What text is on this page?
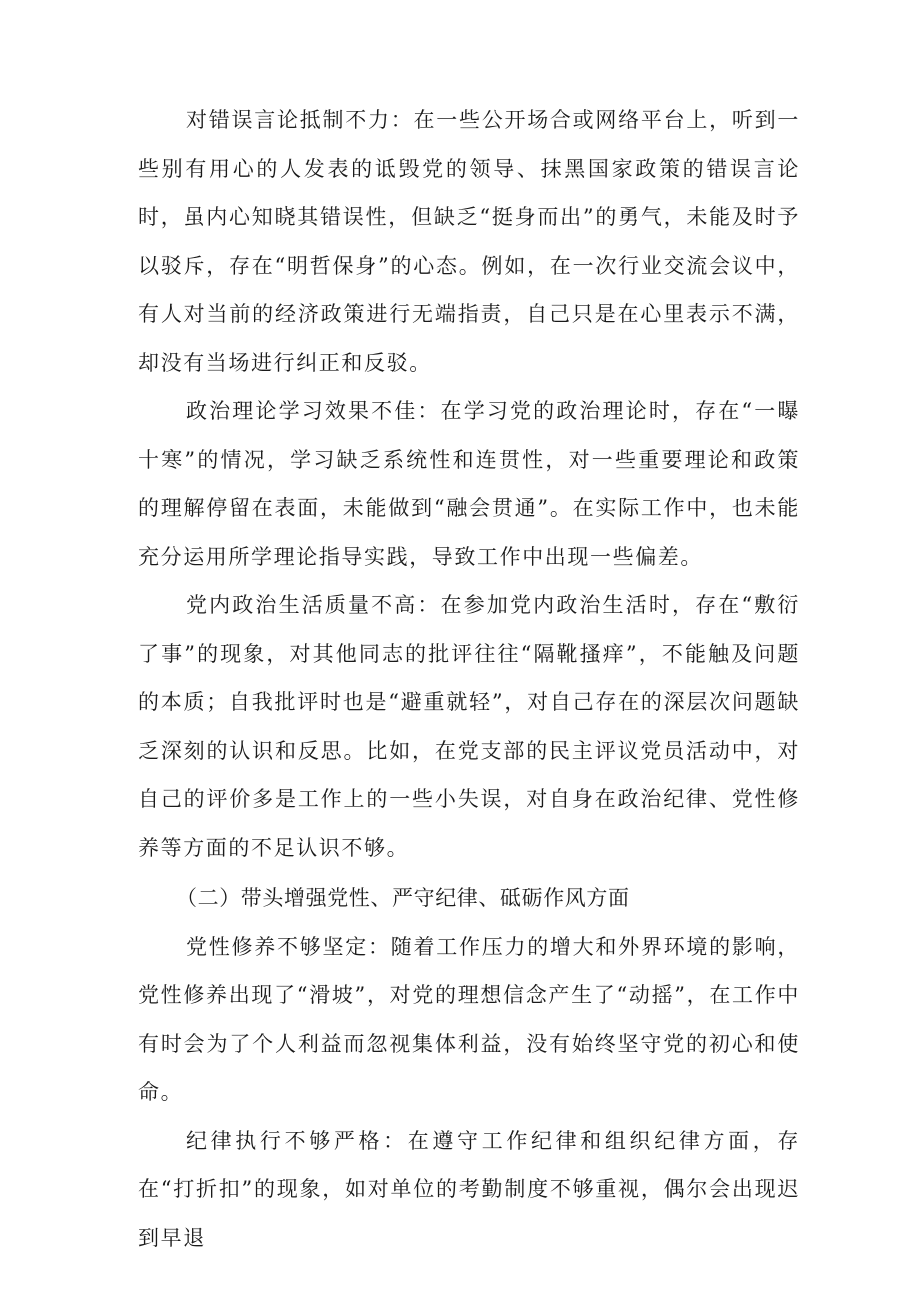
对错误言论抵制不力：在一些公开场合或网络平台上，听到一些别有用心的人发表的诋毁党的领导、抹黑国家政策的错误言论时，虽内心知晓其错误性，但缺乏“挺身而出”的勇气，未能及时予以驳斥，存在“明哲保身”的心态。例如，在一次行业交流会议中，有人对当前的经济政策进行无端指责，自己只是在心里表示不满，却没有当场进行纠正和反驳。

政治理论学习效果不佳：在学习党的政治理论时，存在“一曝十寒”的情况，学习缺乏系统性和连贯性，对一些重要理论和政策的理解停留在表面，未能做到“融会贯通”。在实际工作中，也未能充分运用所学理论指导实践，导致工作中出现一些偏差。

党内政治生活质量不高：在参加党内政治生活时，存在“敷衍了事”的现象，对其他同志的批评往往“隔靴搔痒”，不能触及问题的本质；自我批评时也是“避重就轻”，对自己存在的深层次问题缺乏深刻的认识和反思。比如，在党支部的民主评议党员活动中，对自己的评价多是工作上的一些小失误，对自身在政治纪律、党性修养等方面的不足认识不够。

（二）带头增强党性、严守纪律、砥砺作风方面

党性修养不够坚定：随着工作压力的增大和外界环境的影响，党性修养出现了“滑坡”，对党的理想信念产生了“动摇”，在工作中有时会为了个人利益而忽视集体利益，没有始终坚守党的初心和使命。

纪律执行不够严格：在遵守工作纪律和组织纪律方面，存在“打折扣”的现象，如对单位的考勤制度不够重视，偶尔会出现迟到早退
